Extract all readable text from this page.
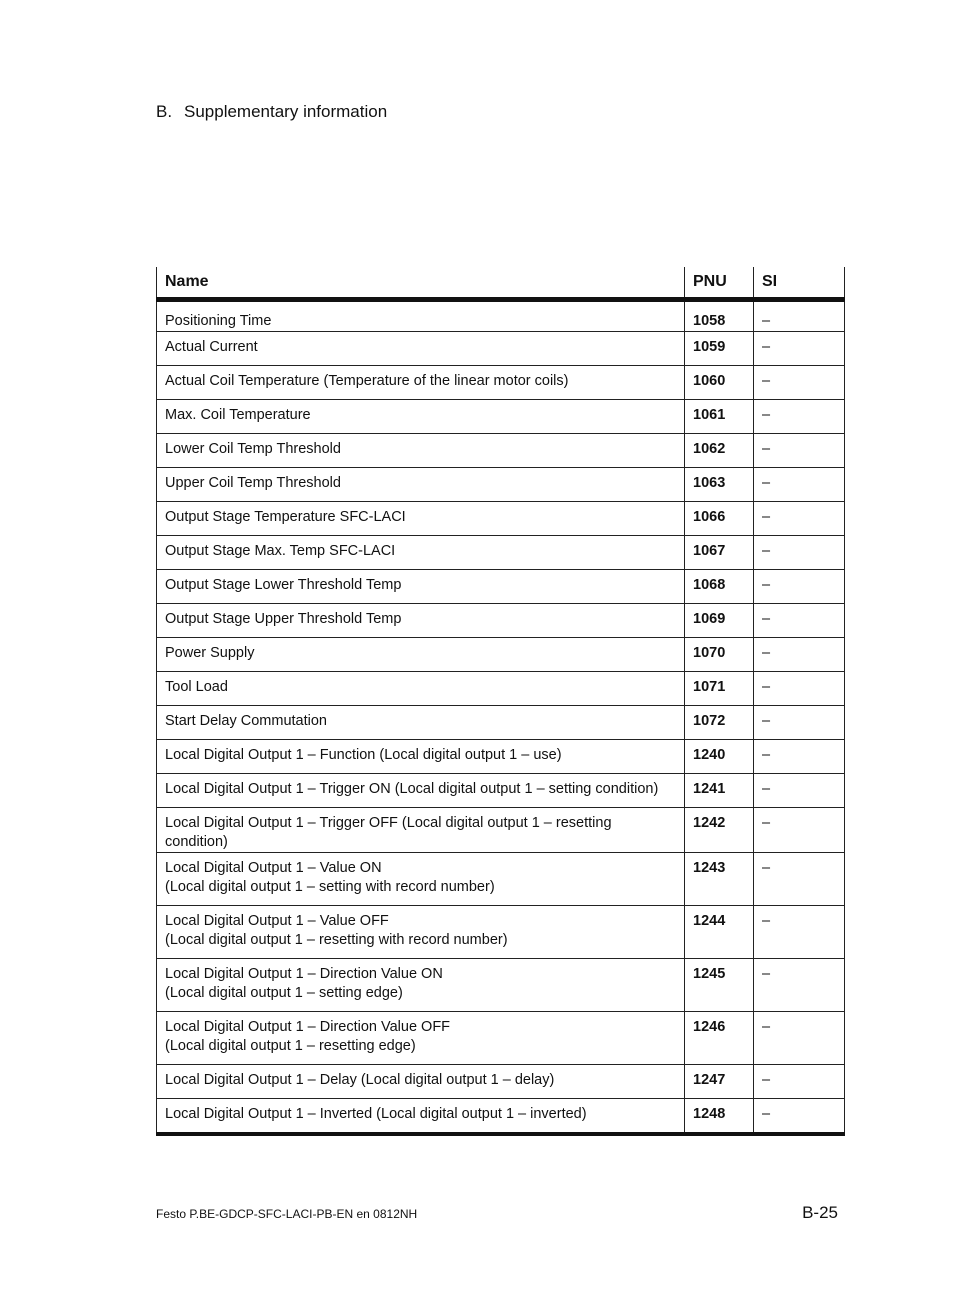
B. Supplementary information
Name	PNU	SI
Positioning Time	1058	–
Actual Current	1059	–
Actual Coil Temperature (Temperature of the linear motor coils)	1060	–
Max. Coil Temperature	1061	–
Lower Coil Temp Threshold	1062	–
Upper Coil Temp Threshold	1063	–
Output Stage Temperature SFC-LACI	1066	–
Output Stage Max. Temp SFC-LACI	1067	–
Output Stage Lower Threshold Temp	1068	–
Output Stage Upper Threshold Temp	1069	–
Power Supply	1070	–
Tool Load	1071	–
Start Delay Commutation	1072	–
Local Digital Output 1 – Function (Local digital output 1 – use)	1240	–
Local Digital Output 1 – Trigger ON (Local digital output 1 – setting condition)	1241	–
Local Digital Output 1 – Trigger OFF (Local digital output 1 – resetting condition)	1242	–
Local Digital Output 1 – Value ON
(Local digital output 1 – setting with record number)	1243	–
Local Digital Output 1 – Value OFF
(Local digital output 1 – resetting with record number)	1244	–
Local Digital Output 1 – Direction Value ON
(Local digital output 1 – setting edge)	1245	–
Local Digital Output 1 – Direction Value OFF
(Local digital output 1 – resetting edge)	1246	–
Local Digital Output 1 – Delay (Local digital output 1 – delay)	1247	–
Local Digital Output 1 – Inverted (Local digital output 1 – inverted)	1248	–
Festo P.BE-GDCP-SFC-LACI-PB-EN en 0812NH	B-25
